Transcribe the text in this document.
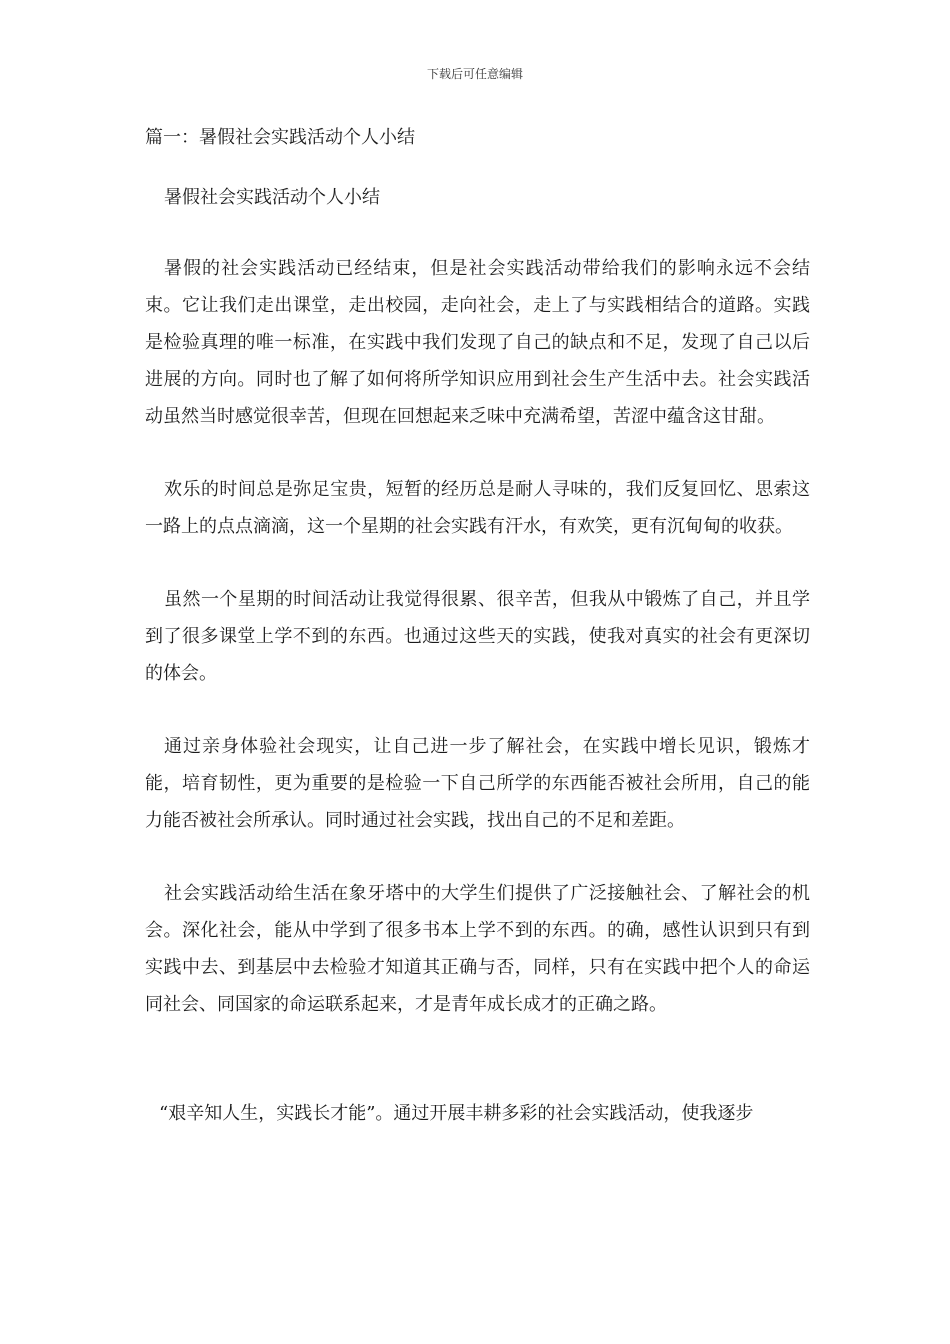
下载后可任意编辑
篇一：暑假社会实践活动个人小结
暑假社会实践活动个人小结

暑假的社会实践活动已经结束，但是社会实践活动带给我们的影响永远不会结束。它让我们走出课堂，走出校园，走向社会，走上了与实践相结合的道路。实践是检验真理的唯一标准，在实践中我们发现了自己的缺点和不足，发现了自己以后进展的方向。同时也了解了如何将所学知识应用到社会生产生活中去。社会实践活动虽然当时感觉很幸苦，但现在回想起来乏味中充满希望，苦涩中蕴含这甘甜。

欢乐的时间总是弥足宝贵，短暂的经历总是耐人寻味的，我们反复回忆、思索这一路上的点点滴滴，这一个星期的社会实践有汗水，有欢笑，更有沉甸甸的收获。

虽然一个星期的时间活动让我觉得很累、很辛苦，但我从中锻炼了自己，并且学到了很多课堂上学不到的东西。也通过这些天的实践，使我对真实的社会有更深切的体会。

通过亲身体验社会现实，让自己进一步了解社会，在实践中增长见识，锻炼才能，培育韧性，更为重要的是检验一下自己所学的东西能否被社会所用，自己的能力能否被社会所承认。同时通过社会实践，找出自己的不足和差距。

社会实践活动给生活在象牙塔中的大学生们提供了广泛接触社会、了解社会的机会。深化社会，能从中学到了很多书本上学不到的东西。的确，感性认识到只有到实践中去、到基层中去检验才知道其正确与否，同样，只有在实践中把个人的命运同社会、同国家的命运联系起来，才是青年成长成才的正确之路。

“艰辛知人生，实践长才能”。通过开展丰耕多彩的社会实践活动，使我逐步
